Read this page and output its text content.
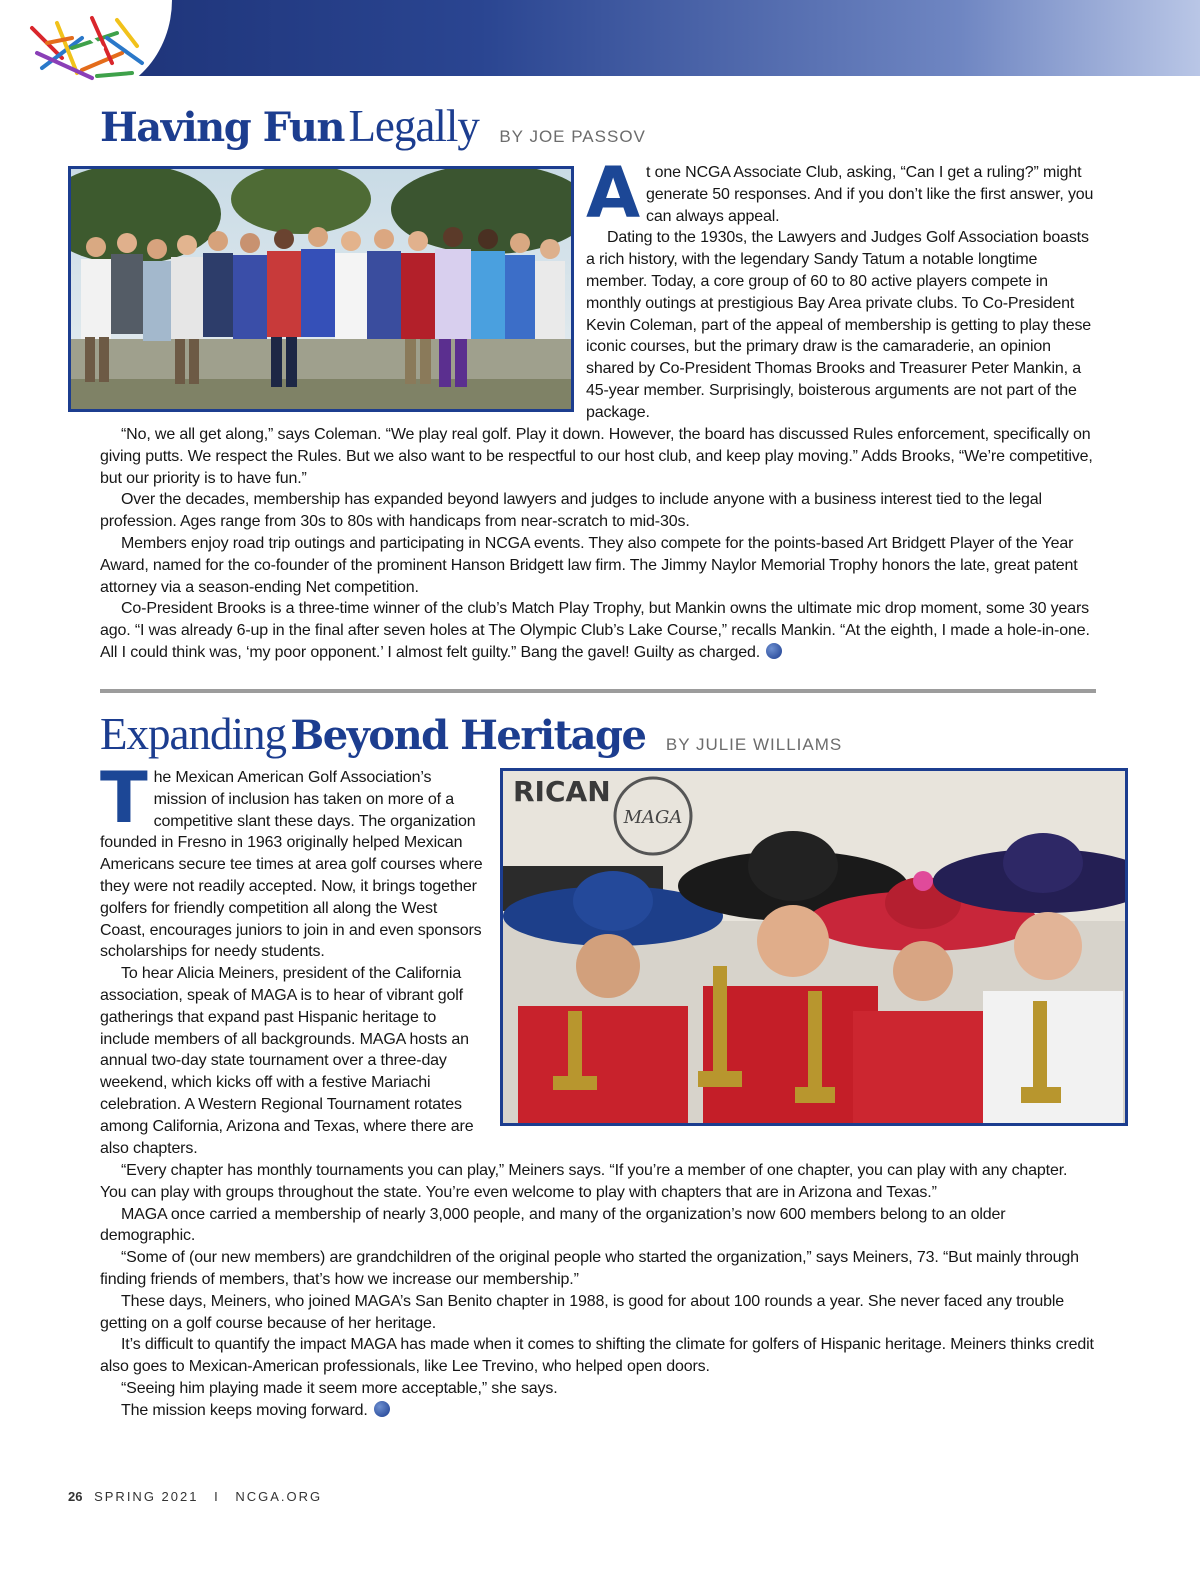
Having Fun Legally BY JOE PASSOV

At one NCGA Associate Club, asking, “Can I get a ruling?” might generate 50 responses. And if you don’t like the first answer, you can always appeal.

Dating to the 1930s, the Lawyers and Judges Golf Association boasts a rich history, with the legendary Sandy Tatum a notable longtime member. Today, a core group of 60 to 80 active players compete in monthly outings at prestigious Bay Area private clubs. To Co-President Kevin Coleman, part of the appeal of membership is getting to play these iconic courses, but the primary draw is the camaraderie, an opinion shared by Co-President Thomas Brooks and Treasurer Peter Mankin, a 45-year member. Surprisingly, boisterous arguments are not part of the package.

“No, we all get along,” says Coleman. “We play real golf. Play it down. However, the board has discussed Rules enforcement, specifically on giving putts. We respect the Rules. But we also want to be respectful to our host club, and keep play moving.” Adds Brooks, “We’re competitive, but our priority is to have fun.”

Over the decades, membership has expanded beyond lawyers and judges to include anyone with a business interest tied to the legal profession. Ages range from 30s to 80s with handicaps from near-scratch to mid-30s.

Members enjoy road trip outings and participating in NCGA events. They also compete for the points-based Art Bridgett Player of the Year Award, named for the co-founder of the prominent Hanson Bridgett law firm. The Jimmy Naylor Memorial Trophy honors the late, great patent attorney via a season-ending Net competition.

Co-President Brooks is a three-time winner of the club’s Match Play Trophy, but Mankin owns the ultimate mic drop moment, some 30 years ago. “I was already 6-up in the final after seven holes at The Olympic Club’s Lake Course,” recalls Mankin. “At the eighth, I made a hole-in-one. All I could think was, ‘my poor opponent.’ I almost felt guilty.” Bang the gavel! Guilty as charged.

Expanding Beyond Heritage BY JULIE WILLIAMS
RICAN
MAGA

The Mexican American Golf Association’s mission of inclusion has taken on more of a competitive slant these days. The organization founded in Fresno in 1963 originally helped Mexican Americans secure tee times at area golf courses where they were not readily accepted. Now, it brings together golfers for friendly competition all along the West Coast, encourages juniors to join in and even sponsors scholarships for needy students.

To hear Alicia Meiners, president of the California association, speak of MAGA is to hear of vibrant golf gatherings that expand past Hispanic heritage to include members of all backgrounds. MAGA hosts an annual two-day state tournament over a three-day weekend, which kicks off with a festive Mariachi celebration. A Western Regional Tournament rotates among California, Arizona and Texas, where there are also chapters.

“Every chapter has monthly tournaments you can play,” Meiners says. “If you’re a member of one chapter, you can play with any chapter. You can play with groups throughout the state. You’re even welcome to play with chapters that are in Arizona and Texas.”

MAGA once carried a membership of nearly 3,000 people, and many of the organization’s now 600 members belong to an older demographic.

“Some of (our new members) are grandchildren of the original people who started the organization,” says Meiners, 73. “But mainly through finding friends of members, that’s how we increase our membership.”

These days, Meiners, who joined MAGA’s San Benito chapter in 1988, is good for about 100 rounds a year. She never faced any trouble getting on a golf course because of her heritage.

It’s difficult to quantify the impact MAGA has made when it comes to shifting the climate for golfers of Hispanic heritage. Meiners thinks credit also goes to Mexican-American professionals, like Lee Trevino, who helped open doors.

“Seeing him playing made it seem more acceptable,” she says.

The mission keeps moving forward.

26 SPRING 2021 I NCGA.ORG
